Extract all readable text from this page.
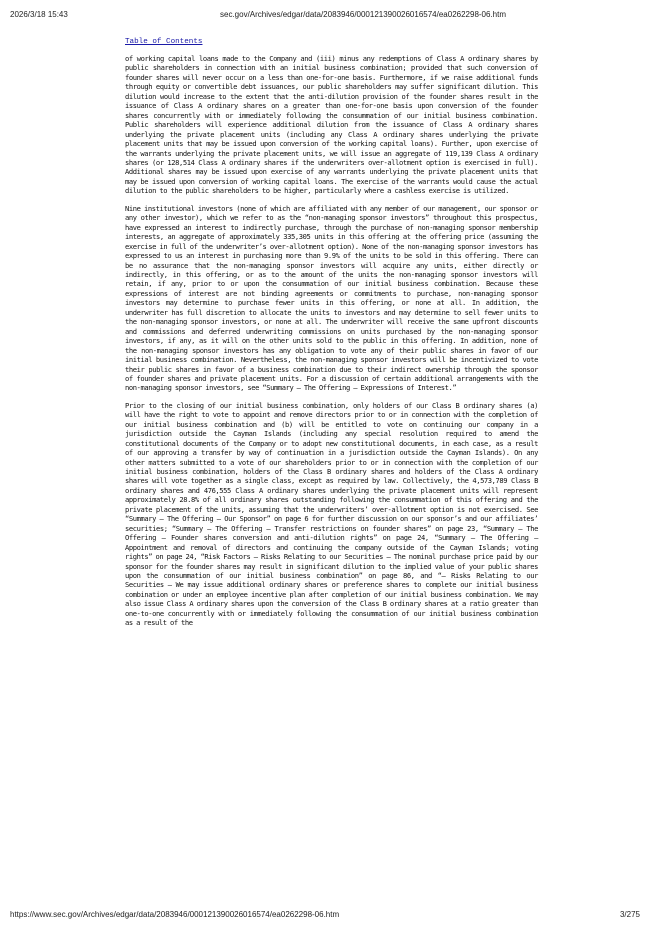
2026/3/18 15:43	sec.gov/Archives/edgar/data/2083946/000121390026016574/ea0262298-06.htm
Table of Contents

of working capital loans made to the Company and (iii) minus any redemptions of Class A ordinary shares by public shareholders in connection with an initial business combination; provided that such conversion of founder shares will never occur on a less than one-for-one basis. Furthermore, if we raise additional funds through equity or convertible debt issuances, our public shareholders may suffer significant dilution. This dilution would increase to the extent that the anti-dilution provision of the founder shares result in the issuance of Class A ordinary shares on a greater than one-for-one basis upon conversion of the founder shares concurrently with or immediately following the consummation of our initial business combination. Public shareholders will experience additional dilution from the issuance of Class A ordinary shares underlying the private placement units (including any Class A ordinary shares underlying the private placement units that may be issued upon conversion of the working capital loans). Further, upon exercise of the warrants underlying the private placement units, we will issue an aggregate of 119,139 Class A ordinary shares (or 128,514 Class A ordinary shares if the underwriters over-allotment option is exercised in full). Additional shares may be issued upon exercise of any warrants underlying the private placement units that may be issued upon conversion of working capital loans. The exercise of the warrants would cause the actual dilution to the public shareholders to be higher, particularly where a cashless exercise is utilized.

Nine institutional investors (none of which are affiliated with any member of our management, our sponsor or any other investor), which we refer to as the “non-managing sponsor investors” throughout this prospectus, have expressed an interest to indirectly purchase, through the purchase of non-managing sponsor membership interests, an aggregate of approximately 335,305 units in this offering at the offering price (assuming the exercise in full of the underwriter’s over-allotment option). None of the non-managing sponsor investors has expressed to us an interest in purchasing more than 9.9% of the units to be sold in this offering. There can be no assurance that the non-managing sponsor investors will acquire any units, either directly or indirectly, in this offering, or as to the amount of the units the non-managing sponsor investors will retain, if any, prior to or upon the consummation of our initial business combination. Because these expressions of interest are not binding agreements or commitments to purchase, non-managing sponsor investors may determine to purchase fewer units in this offering, or none at all. In addition, the underwriter has full discretion to allocate the units to investors and may determine to sell fewer units to the non-managing sponsor investors, or none at all. The underwriter will receive the same upfront discounts and commissions and deferred underwriting commissions on units purchased by the non-managing sponsor investors, if any, as it will on the other units sold to the public in this offering. In addition, none of the non-managing sponsor investors has any obligation to vote any of their public shares in favor of our initial business combination. Nevertheless, the non-managing sponsor investors will be incentivized to vote their public shares in favor of a business combination due to their indirect ownership through the sponsor of founder shares and private placement units. For a discussion of certain additional arrangements with the non-managing sponsor investors, see “Summary — The Offering — Expressions of Interest.”

Prior to the closing of our initial business combination, only holders of our Class B ordinary shares (a) will have the right to vote to appoint and remove directors prior to or in connection with the completion of our initial business combination and (b) will be entitled to vote on continuing our company in a jurisdiction outside the Cayman Islands (including any special resolution required to amend the constitutional documents of the Company or to adopt new constitutional documents, in each case, as a result of our approving a transfer by way of continuation in a jurisdiction outside the Cayman Islands). On any other matters submitted to a vote of our shareholders prior to or in connection with the completion of our initial business combination, holders of the Class B ordinary shares and holders of the Class A ordinary shares will vote together as a single class, except as required by law. Collectively, the 4,573,789 Class B ordinary shares and 476,555 Class A ordinary shares underlying the private placement units will represent approximately 28.8% of all ordinary shares outstanding following the consummation of this offering and the private placement of the units, assuming that the underwriters’ over-allotment option is not exercised. See “Summary — The Offering — Our Sponsor” on page 6 for further discussion on our sponsor’s and our affiliates’ securities; “Summary — The Offering — Transfer restrictions on founder shares” on page 23, “Summary — The Offering — Founder shares conversion and anti-dilution rights” on page 24, “Summary — The Offering — Appointment and removal of directors and continuing the company outside of the Cayman Islands; voting rights” on page 24, “Risk Factors — Risks Relating to our Securities — The nominal purchase price paid by our sponsor for the founder shares may result in significant dilution to the implied value of your public shares upon the consummation of our initial business combination” on page 86, and “— Risks Relating to our Securities — We may issue additional ordinary shares or preference shares to complete our initial business combination or under an employee incentive plan after completion of our initial business combination. We may also issue Class A ordinary shares upon the conversion of the Class B ordinary shares at a ratio greater than one-to-one concurrently with or immediately following the consummation of our initial business combination as a result of the

https://www.sec.gov/Archives/edgar/data/2083946/000121390026016574/ea0262298-06.htm	3/275
